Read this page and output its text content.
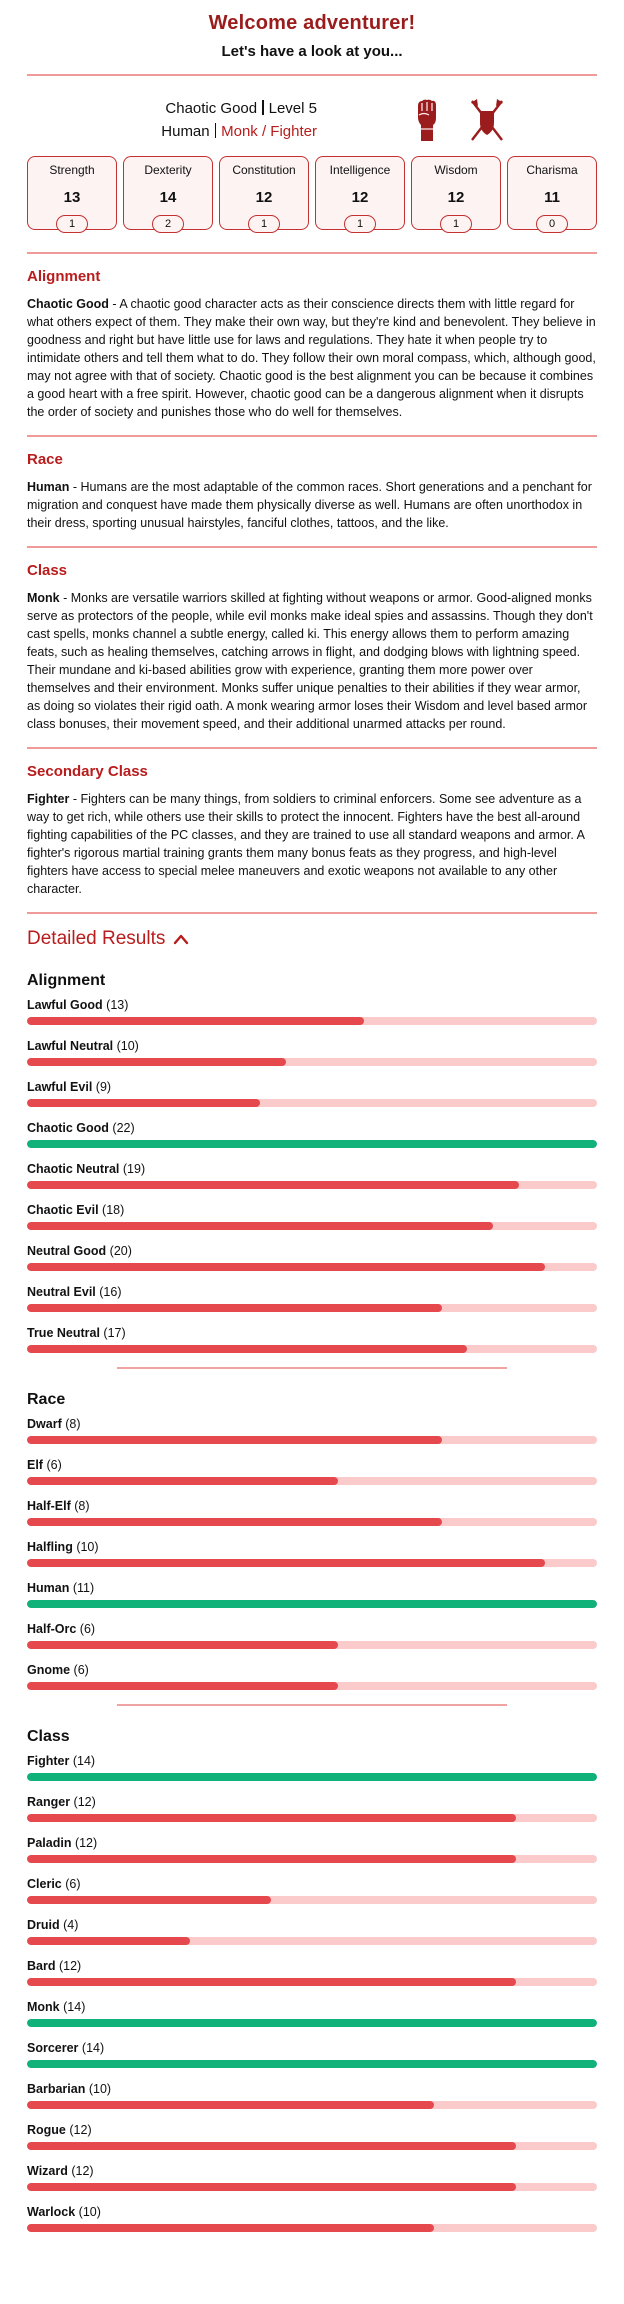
Welcome adventurer!
Let's have a look at you...
Chaotic Good Level 5
Human Monk / Fighter
Strength
13
1
Dexterity
14
2
Constitution
12
1
Intelligence
12
1
Wisdom
12
1
Charisma
11
0
Alignment

Chaotic Good - A chaotic good character acts as their conscience directs them with little regard for what others expect of them. They make their own way, but they're kind and benevolent. They believe in goodness and right but have little use for laws and regulations. They hate it when people try to intimidate others and tell them what to do. They follow their own moral compass, which, although good, may not agree with that of society. Chaotic good is the best alignment you can be because it combines a good heart with a free spirit. However, chaotic good can be a dangerous alignment when it disrupts the order of society and punishes those who do well for themselves.

Race

Human - Humans are the most adaptable of the common races. Short generations and a penchant for migration and conquest have made them physically diverse as well. Humans are often unorthodox in their dress, sporting unusual hairstyles, fanciful clothes, tattoos, and the like.

Class

Monk - Monks are versatile warriors skilled at fighting without weapons or armor. Good-aligned monks serve as protectors of the people, while evil monks make ideal spies and assassins. Though they don't cast spells, monks channel a subtle energy, called ki. This energy allows them to perform amazing feats, such as healing themselves, catching arrows in flight, and dodging blows with lightning speed. Their mundane and ki-based abilities grow with experience, granting them more power over themselves and their environment. Monks suffer unique penalties to their abilities if they wear armor, as doing so violates their rigid oath. A monk wearing armor loses their Wisdom and level based armor class bonuses, their movement speed, and their additional unarmed attacks per round.

Secondary Class

Fighter - Fighters can be many things, from soldiers to criminal enforcers. Some see adventure as a way to get rich, while others use their skills to protect the innocent. Fighters have the best all-around fighting capabilities of the PC classes, and they are trained to use all standard weapons and armor. A fighter's rigorous martial training grants them many bonus feats as they progress, and high-level fighters have access to special melee maneuvers and exotic weapons not available to any other character.

Detailed Results
Alignment
Lawful Good (13)
Lawful Neutral (10)
Lawful Evil (9)
Chaotic Good (22)
Chaotic Neutral (19)
Chaotic Evil (18)
Neutral Good (20)
Neutral Evil (16)
True Neutral (17)
Race
Dwarf (8)
Elf (6)
Half-Elf (8)
Halfling (10)
Human (11)
Half-Orc (6)
Gnome (6)
Class
Fighter (14)
Ranger (12)
Paladin (12)
Cleric (6)
Druid (4)
Bard (12)
Monk (14)
Sorcerer (14)
Barbarian (10)
Rogue (12)
Wizard (12)
Warlock (10)
